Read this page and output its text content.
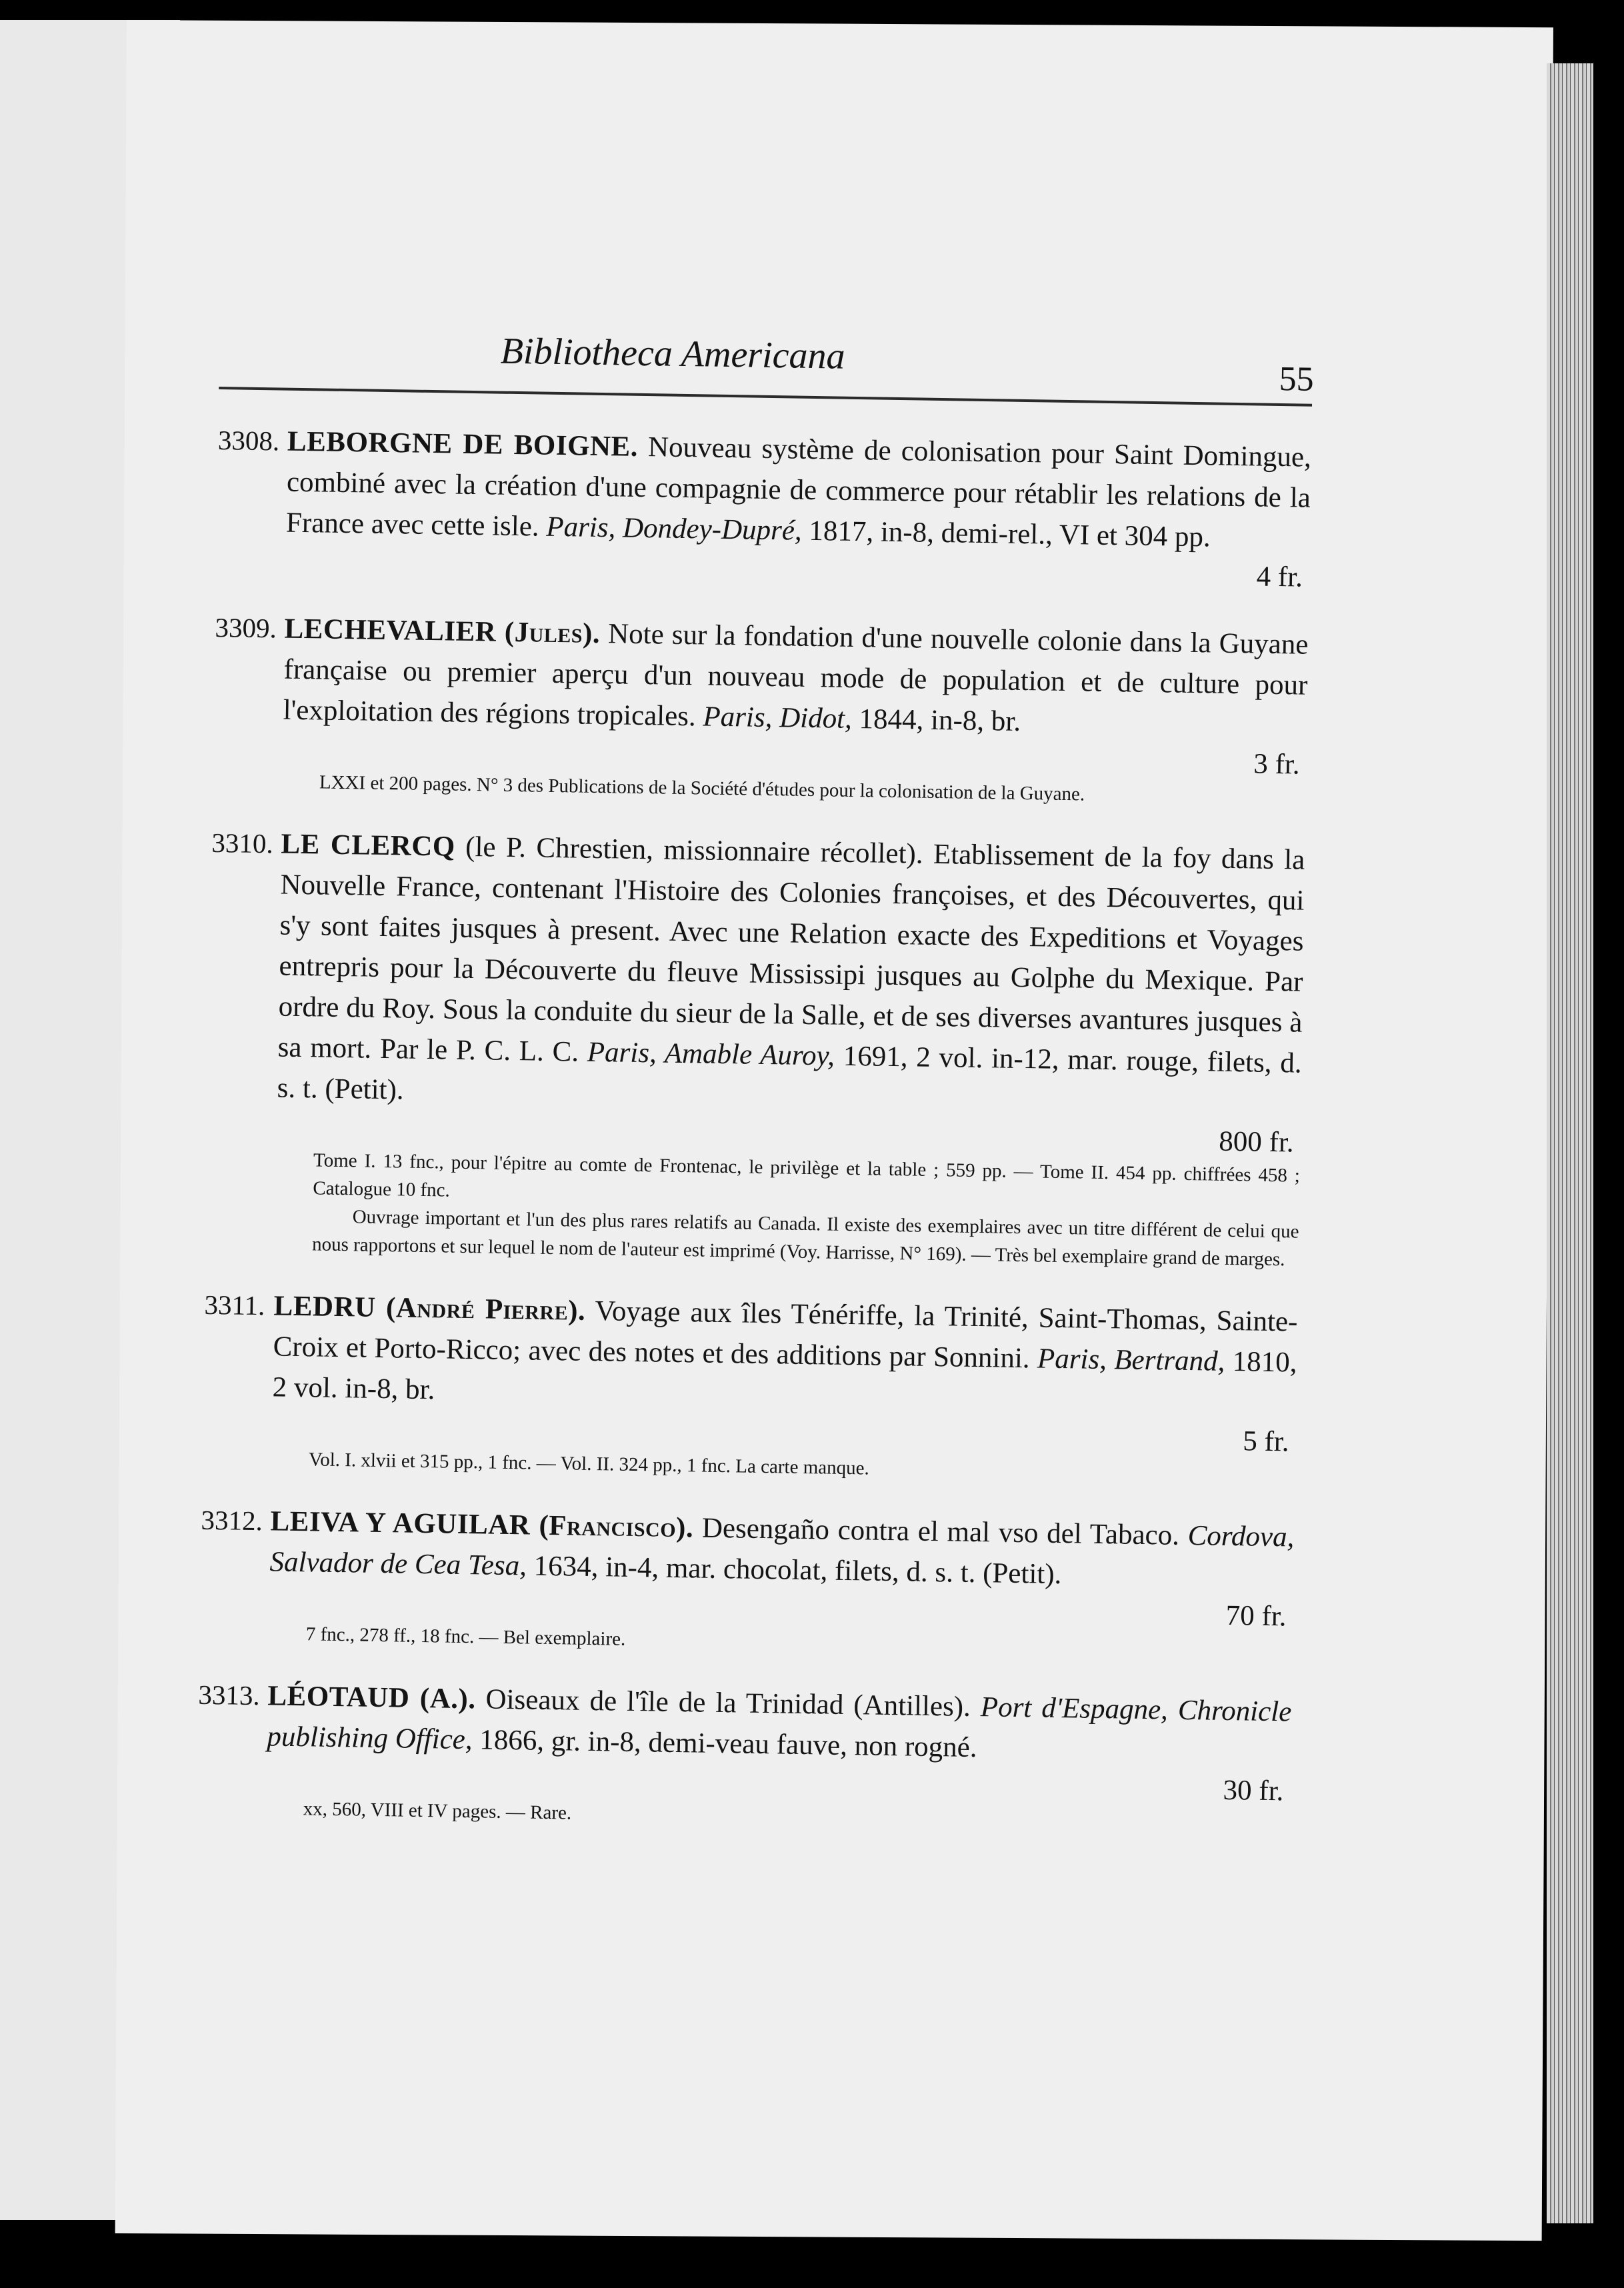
Bibliotheca Americana
55
3308. LEBORGNE DE BOIGNE. Nouveau système de colonisation pour Saint Domingue, combiné avec la création d'une compagnie de commerce pour rétablir les relations de la France avec cette isle. Paris, Dondey-Dupré, 1817, in-8, demi-rel., VI et 304 pp.
4 fr.
3309. LECHEVALIER (Jules). Note sur la fondation d'une nouvelle colonie dans la Guyane française ou premier aperçu d'un nouveau mode de population et de culture pour l'exploitation des régions tropicales. Paris, Didot, 1844, in-8, br.
3 fr.
LXXI et 200 pages. N° 3 des Publications de la Société d'études pour la colonisation de la Guyane.
3310. LE CLERCQ (le P. Chrestien, missionnaire récollet). Etablissement de la foy dans la Nouvelle France, contenant l'Histoire des Colonies françoises, et des Découvertes, qui s'y sont faites jusques à present. Avec une Relation exacte des Expeditions et Voyages entrepris pour la Découverte du fleuve Mississipi jusques au Golphe du Mexique. Par ordre du Roy. Sous la conduite du sieur de la Salle, et de ses diverses avantures jusques à sa mort. Par le P. C. L. C. Paris, Amable Auroy, 1691, 2 vol. in-12, mar. rouge, filets, d. s. t. (Petit).
800 fr.
Tome I. 13 fnc., pour l'épitre au comte de Frontenac, le privilège et la table ; 559 pp. — Tome II. 454 pp. chiffrées 458 ; Catalogue 10 fnc.
Ouvrage important et l'un des plus rares relatifs au Canada. Il existe des exemplaires avec un titre différent de celui que nous rapportons et sur lequel le nom de l'auteur est imprimé (Voy. Harrisse, N° 169). — Très bel exemplaire grand de marges.
3311. LEDRU (André Pierre). Voyage aux îles Ténériffe, la Trinité, Saint-Thomas, Sainte-Croix et Porto-Ricco; avec des notes et des additions par Sonnini. Paris, Bertrand, 1810, 2 vol. in-8, br.
5 fr.
Vol. I. xlvii et 315 pp., 1 fnc. — Vol. II. 324 pp., 1 fnc. La carte manque.
3312. LEIVA Y AGUILAR (Francisco). Desengaño contra el mal vso del Tabaco. Cordova, Salvador de Cea Tesa, 1634, in-4, mar. chocolat, filets, d. s. t. (Petit).
70 fr.
7 fnc., 278 ff., 18 fnc. — Bel exemplaire.
3313. LÉOTAUD (A.). Oiseaux de l'île de la Trinidad (Antilles). Port d'Espagne, Chronicle publishing Office, 1866, gr. in-8, demi-veau fauve, non rogné.
30 fr.
xx, 560, VIII et IV pages. — Rare.
